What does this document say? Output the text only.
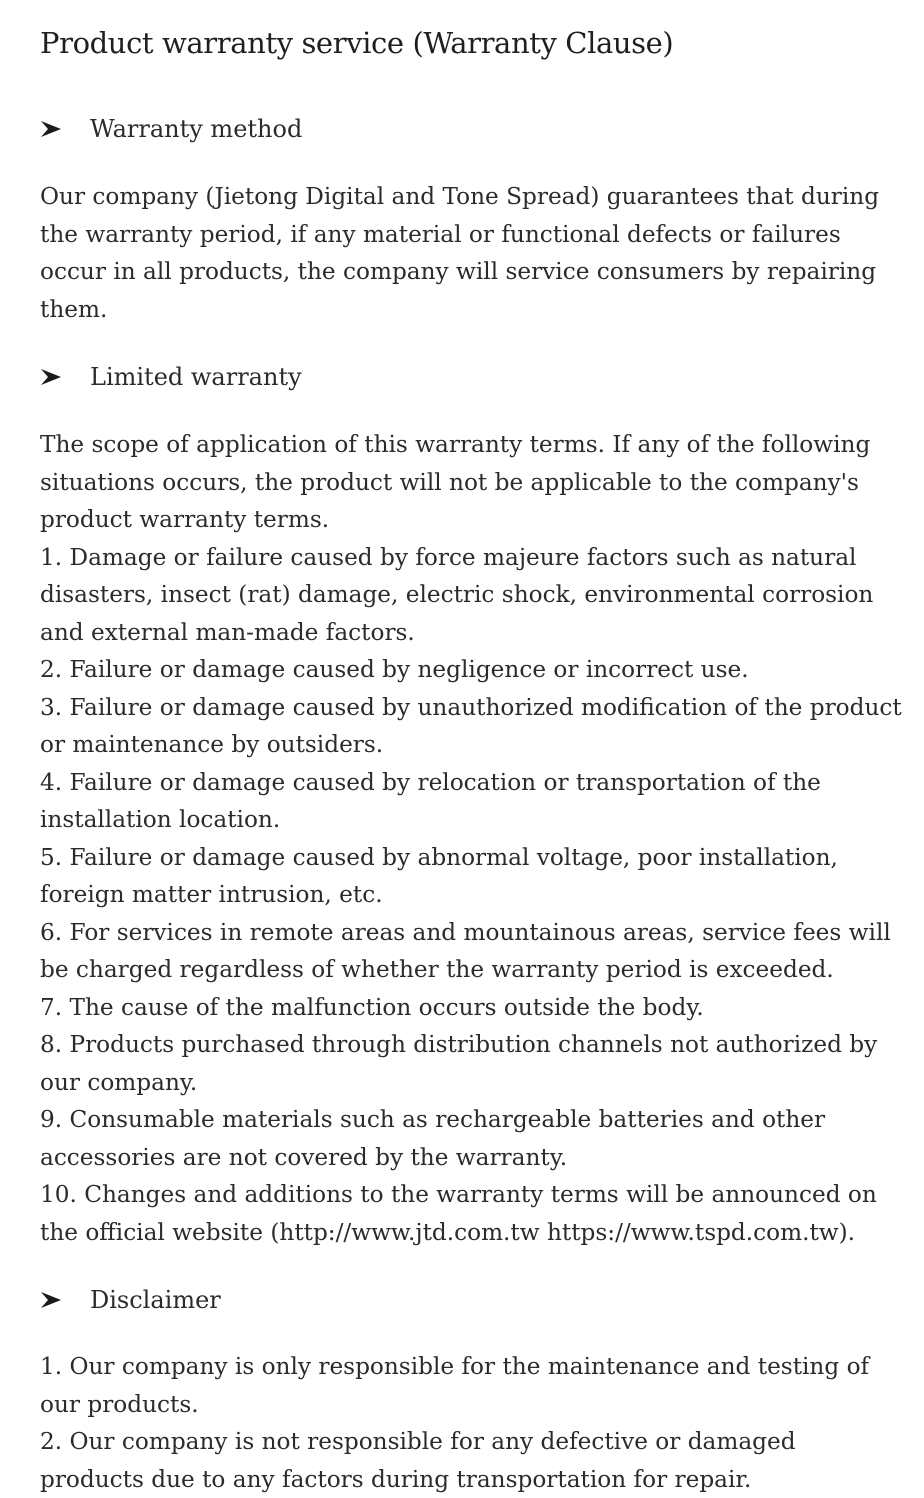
Product warranty service (Warranty Clause)
Warranty method

Our company (Jietong Digital and Tone Spread) guarantees that during the warranty period, if any material or functional defects or failures occur in all products, the company will service consumers by repairing them.

Limited warranty

The scope of application of this warranty terms. If any of the following situations occurs, the product will not be applicable to the company's product warranty terms.

1. Damage or failure caused by force majeure factors such as natural disasters, insect (rat) damage, electric shock, environmental corrosion and external man-made factors.
2. Failure or damage caused by negligence or incorrect use.
3. Failure or damage caused by unauthorized modification of the product or maintenance by outsiders.
4. Failure or damage caused by relocation or transportation of the installation location.
5. Failure or damage caused by abnormal voltage, poor installation, foreign matter intrusion, etc.
6. For services in remote areas and mountainous areas, service fees will be charged regardless of whether the warranty period is exceeded.
7. The cause of the malfunction occurs outside the body.
8. Products purchased through distribution channels not authorized by our company.
9. Consumable materials such as rechargeable batteries and other accessories are not covered by the warranty.
10. Changes and additions to the warranty terms will be announced on the official website (http://www.jtd.com.tw https://www.tspd.com.tw).
Disclaimer
1. Our company is only responsible for the maintenance and testing of our products.
2. Our company is not responsible for any defective or damaged products due to any factors during transportation for repair.
